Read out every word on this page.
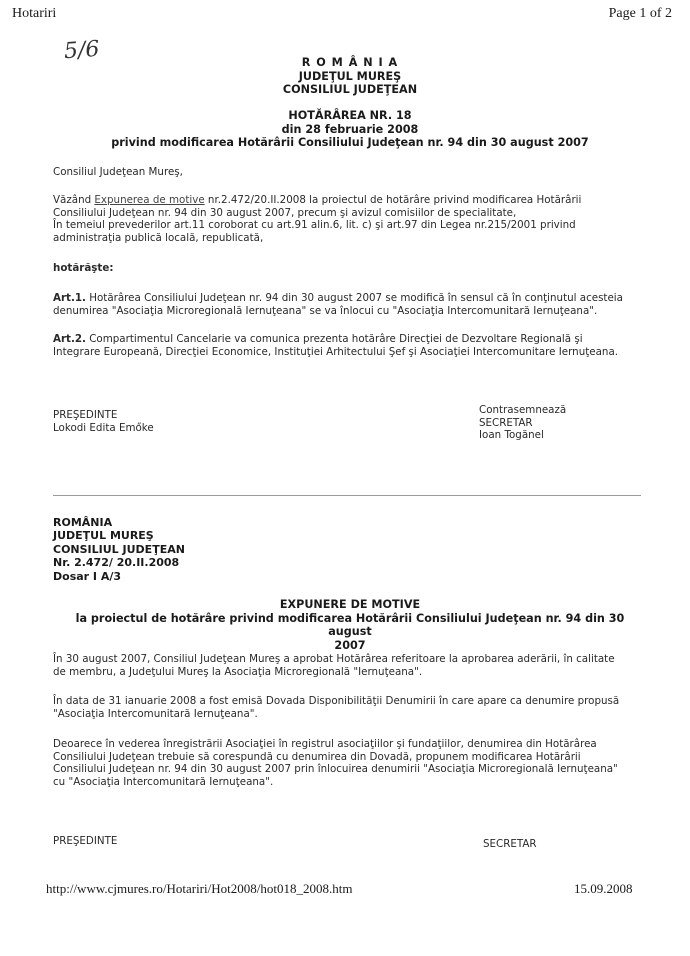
Hotariri	Page 1 of 2
5/6	R O M Â N I A

JUDEŢUL MUREŞ

CONSILIUL JUDEŢEAN

HOTĂRÂREA NR. 18

din 28 februarie 2008

privind modificarea Hotărârii Consiliului Judeţean nr. 94 din 30 august 2007

Consiliul Judeţean Mureş,

Văzând Expunerea de motive nr.2.472/20.II.2008 la proiectul de hotărâre privind modificarea Hotărârii

Consiliului Judeţean nr. 94 din 30 august 2007, precum şi avizul comisiilor de specialitate,

În temeiul prevederilor art.11 coroborat cu art.91 alin.6, lit. c) şi art.97 din Legea nr.215/2001 privind

administraţia publică locală, republicată,

hotărăşte:

Art.1. Hotărârea Consiliului Judeţean nr. 94 din 30 august 2007 se modifică în sensul că în conţinutul acesteia

denumirea "Asociaţia Microregională Iernuţeana" se va înlocui cu "Asociaţia Intercomunitară Iernuţeana".

Art.2. Compartimentul Cancelarie va comunica prezenta hotărâre Direcţiei de Dezvoltare Regională şi

Integrare Europeană, Direcţiei Economice, Instituţiei Arhitectului Şef şi Asociaţiei Intercomunitare Iernuţeana.

PREŞEDINTE

Lokodi Edita Emőke

Contrasemnează

SECRETAR

Ioan Togănel

ROMÂNIA

JUDEŢUL MUREŞ

CONSILIUL JUDEŢEAN

Nr. 2.472/ 20.II.2008

Dosar I A/3

EXPUNERE DE MOTIVE

la proiectul de hotărâre privind modificarea Hotărârii Consiliului Judeţean nr. 94 din 30 august

2007

În 30 august 2007, Consiliul Judeţean Mureş a aprobat Hotărârea referitoare la aprobarea aderării, în calitate

de membru, a Judeţului Mureş la Asociaţia Microregională "Iernuţeana".

În data de 31 ianuarie 2008 a fost emisă Dovada Disponibilităţii Denumirii în care apare ca denumire propusă

"Asociaţia Intercomunitară Iernuţeana".

Deoarece în vederea înregistrării Asociaţiei în registrul asociaţiilor şi fundaţiilor, denumirea din Hotărârea

Consiliului Judeţean trebuie să corespundă cu denumirea din Dovadă, propunem modificarea Hotărârii

Consiliului Judeţean nr. 94 din 30 august 2007 prin înlocuirea denumirii "Asociaţia Microregională Iernuţeana"

cu "Asociaţia Intercomunitară Iernuţeana".

PREŞEDINTE	SECRETAR
http://www.cjmures.ro/Hotariri/Hot2008/hot018_2008.htm	15.09.2008
